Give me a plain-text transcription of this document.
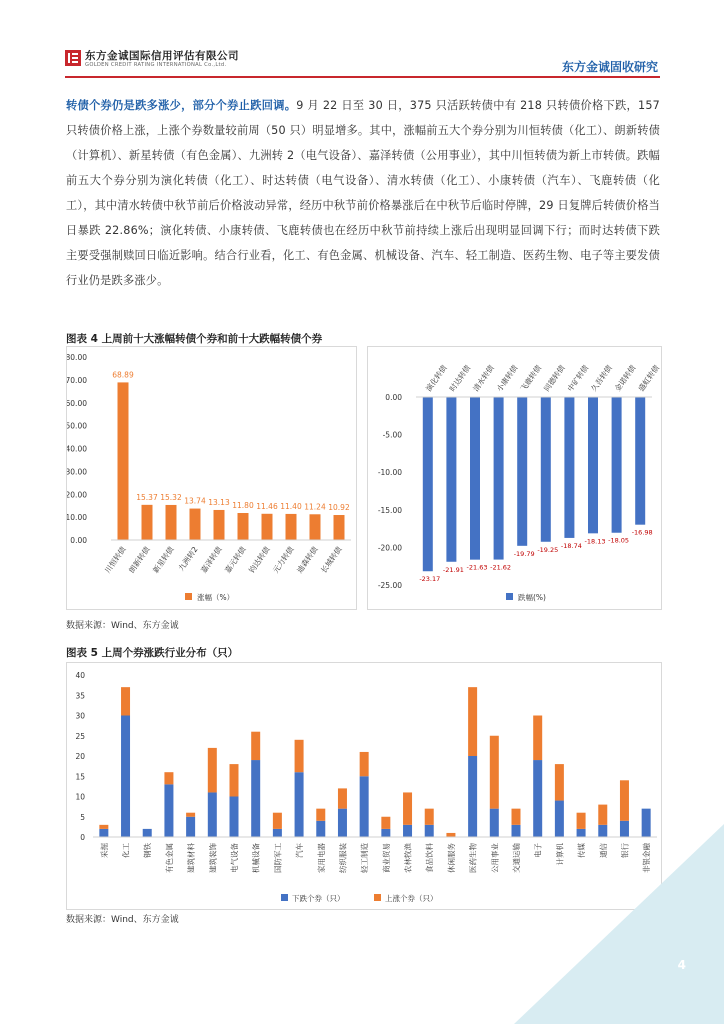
东方金诚国际信用评估有限公司
GOLDEN CREDIT RATING INTERNATIONAL Co.,Ltd.	东方金诚固收研究
转债个券仍是跌多涨少，部分个券止跌回调。9 月 22 日至 30 日，375 只活跃转债中有 218 只转债价格下跌，157 只转债价格上涨，上涨个券数量较前周（50 只）明显增多。其中，涨幅前五大个券分别为川恒转债（化工）、朗新转债（计算机）、新星转债（有色金属）、九洲转 2（电气设备）、嘉泽转债（公用事业），其中川恒转债为新上市转债。跌幅前五大个券分别为演化转债（化工）、时达转债（电气设备）、清水转债（化工）、小康转债（汽车）、飞鹿转债（化工），其中清水转债中秋节前后价格波动异常，经历中秋节前价格暴涨后在中秋节后临时停牌，29 日复牌后转债价格当日暴跌 22.86%；演化转债、小康转债、飞鹿转债也在经历中秋节前持续上涨后出现明显回调下行；而时达转债下跌主要受强制赎回日临近影响。结合行业看，化工、有色金属、机械设备、汽车、轻工制造、医药生物、电子等主要发债行业仍是跌多涨少。
图表 4 上周前十大涨幅转债个券和前十大跌幅转债个券
0.00
10.00
20.00
30.00
40.00
50.00
60.00
70.00
80.00
68.89
川恒转债
15.37
朗新转债
15.32
新星转债
13.74
九洲转2
13.13
嘉泽转债
11.80
嘉元转债
11.46
钧达转债
11.40
元力转债
11.24
迪森转债
10.92
长城转债
涨幅（%）
0.00
-5.00
-10.00
-15.00
-20.00
-25.00
-23.17
演化转债
-21.91
时达转债
-21.63
清水转债
-21.62
小康转债
-19.79
飞鹿转债
-19.25
同德转债
-18.74
中矿转债
-18.13
久吾转债
-18.05
金诺转债
-16.98
盛虹转债
跌幅(%)
数据来源：Wind、东方金诚
图表 5 上周个券涨跌行业分布（只）
0
5
10
15
20
25
30
35
40
采掘 化工 钢铁 有色金属 建筑材料 建筑装饰 电气设备 机械设备 国防军工 汽车 家用电器 纺织服装 轻工制造 商业贸易 农林牧渔 食品饮料 休闲服务 医药生物 公用事业 交通运输 电子 计算机 传媒 通信 银行 非银金融
下跌个券（只）	上涨个券（只）
数据来源：Wind、东方金诚
4
